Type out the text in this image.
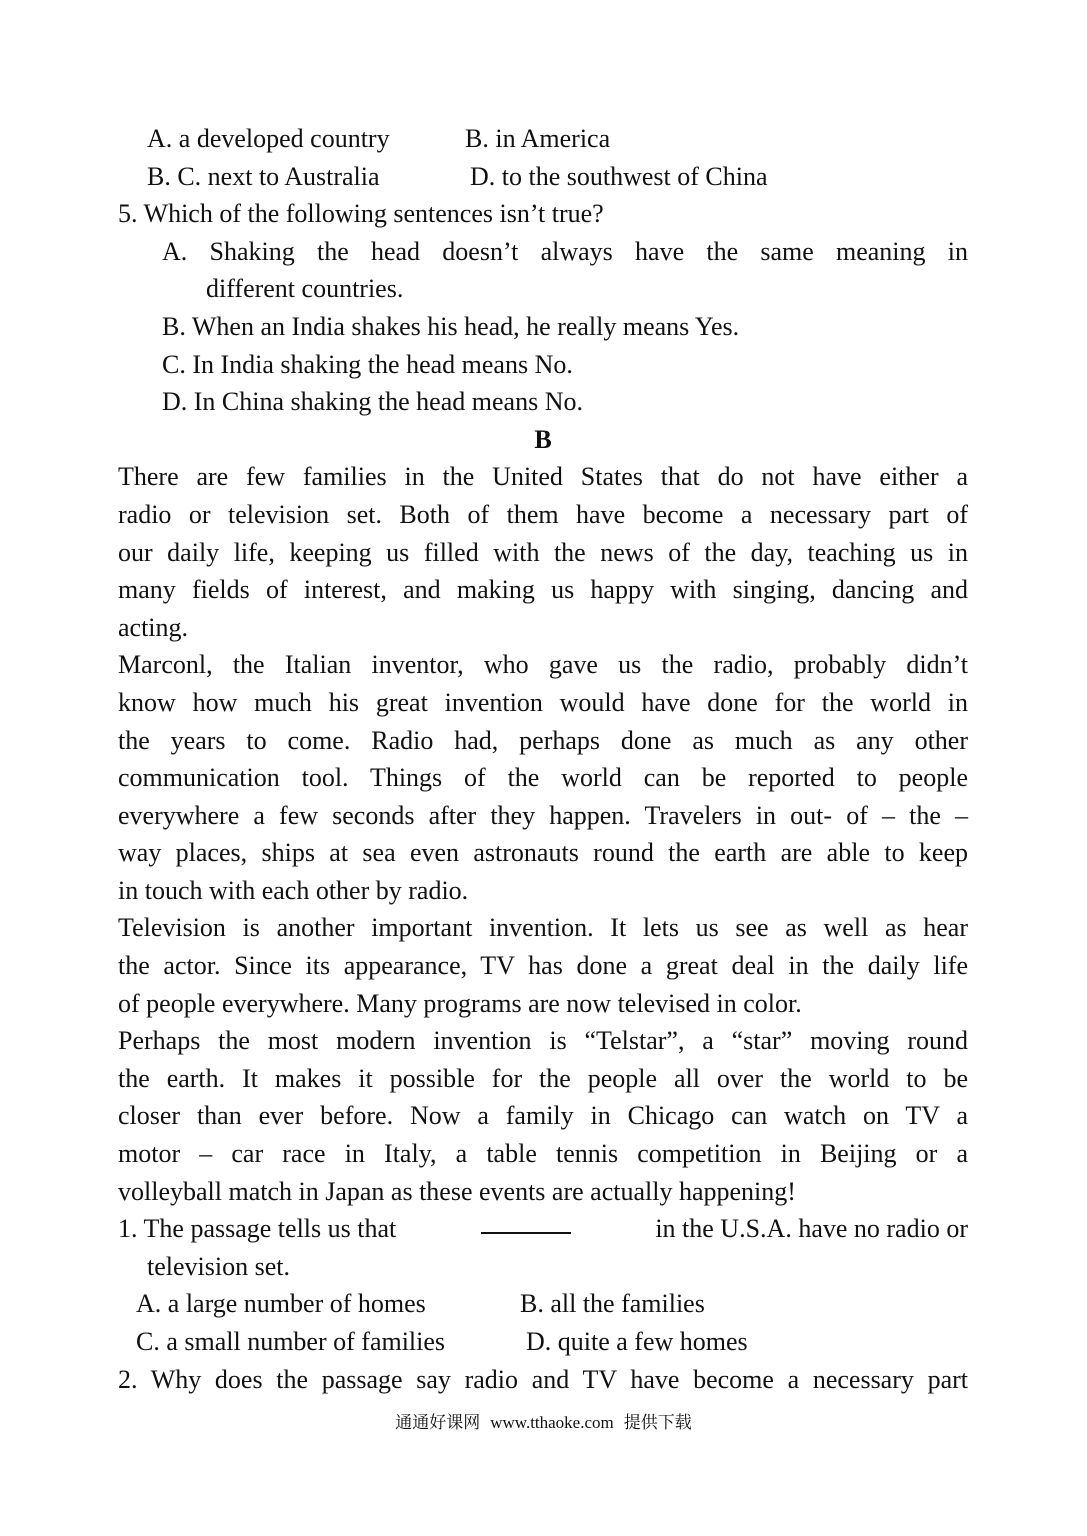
A. a developed country	B. in America
B. C. next to Australia	D. to the southwest of China
5. Which of the following sentences isn’t true?
A. Shaking the head doesn’t always have the same meaning in
different countries.
B. When an India shakes his head, he really means Yes.
C. In India shaking the head means No.
D. In China shaking the head means No.
B
There are few families in the United States that do not have either a
radio or television set. Both of them have become a necessary part of
our daily life, keeping us filled with the news of the day, teaching us in
many fields of interest, and making us happy with singing, dancing and
acting.
Marconl, the Italian inventor, who gave us the radio, probably didn’t
know how much his great invention would have done for the world in
the years to come. Radio had, perhaps done as much as any other
communication tool. Things of the world can be reported to people
everywhere a few seconds after they happen. Travelers in out- of – the –
way places, ships at sea even astronauts round the earth are able to keep
in touch with each other by radio.
Television is another important invention. It lets us see as well as hear
the actor. Since its appearance, TV has done a great deal in the daily life
of people everywhere. Many programs are now televised in color.
Perhaps the most modern invention is “Telstar”, a “star” moving round
the earth. It makes it possible for the people all over the world to be
closer than ever before. Now a family in Chicago can watch on TV a
motor – car race in Italy, a table tennis competition in Beijing or a
volleyball match in Japan as these events are actually happening!
1. The passage tells us that	in the U.S.A. have no radio or
television set.
A. a large number of homes	B. all the families
C. a small number of families	D. quite a few homes
2. Why does the passage say radio and TV have become a necessary part
通通好课网 www.tthaoke.com 提供下载
